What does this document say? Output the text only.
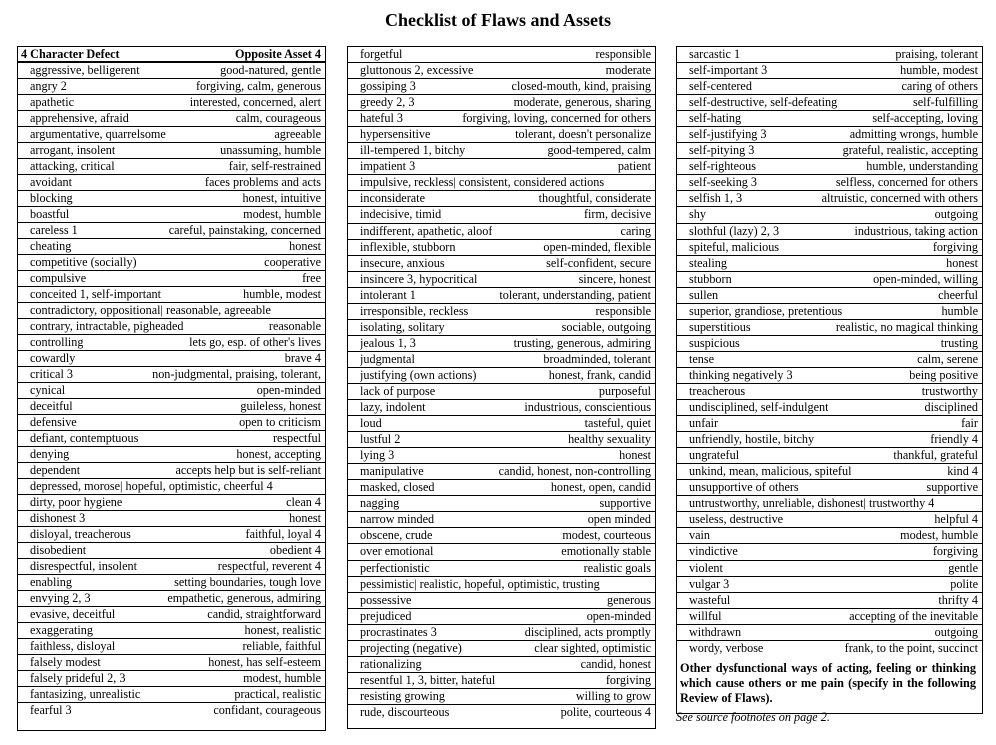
Checklist of Flaws and Assets
4 Character Defect	Opposite Asset 4
aggressive, belligerent	good-natured, gentle
angry 2	forgiving, calm, generous
apathetic	interested, concerned, alert
apprehensive, afraid	calm, courageous
argumentative, quarrelsome	agreeable
arrogant, insolent	unassuming, humble
attacking, critical	fair, self-restrained
avoidant	faces problems and acts
blocking	honest, intuitive
boastful	modest, humble
careless 1	careful, painstaking, concerned
cheating	honest
competitive (socially)	cooperative
compulsive	free
conceited 1, self-important	humble, modest
contradictory, oppositional| reasonable, agreeable
contrary, intractable, pigheaded	reasonable
controlling	lets go, esp. of other's lives
cowardly	brave 4
critical 3	non-judgmental, praising, tolerant,
cynical	open-minded
deceitful	guileless, honest
defensive	open to criticism
defiant, contemptuous	respectful
denying	honest, accepting
dependent	accepts help but is self-reliant
depressed, morose| hopeful, optimistic, cheerful 4
dirty, poor hygiene	clean 4
dishonest 3	honest
disloyal, treacherous	faithful, loyal 4
disobedient	obedient 4
disrespectful, insolent	respectful, reverent 4
enabling	setting boundaries, tough love
envying 2, 3	empathetic, generous, admiring
evasive, deceitful	candid, straightforward
exaggerating	honest, realistic
faithless, disloyal	reliable, faithful
falsely modest	honest, has self-esteem
falsely prideful 2, 3	modest, humble
fantasizing, unrealistic	practical, realistic
fearful 3	confidant, courageous
forgetful	responsible
gluttonous 2, excessive	moderate
gossiping 3	closed-mouth, kind, praising
greedy 2, 3	moderate, generous, sharing
hateful 3	forgiving, loving, concerned for others
hypersensitive	tolerant, doesn't personalize
ill-tempered 1, bitchy	good-tempered, calm
impatient 3	patient
impulsive, reckless| consistent, considered actions
inconsiderate	thoughtful, considerate
indecisive, timid	firm, decisive
indifferent, apathetic, aloof	caring
inflexible, stubborn	open-minded, flexible
insecure, anxious	self-confident, secure
insincere 3, hypocritical	sincere, honest
intolerant 1	tolerant, understanding, patient
irresponsible, reckless	responsible
isolating, solitary	sociable, outgoing
jealous 1, 3	trusting, generous, admiring
judgmental	broadminded, tolerant
justifying (own actions)	honest, frank, candid
lack of purpose	purposeful
lazy, indolent	industrious, conscientious
loud	tasteful, quiet
lustful 2	healthy sexuality
lying 3	honest
manipulative	candid, honest, non-controlling
masked, closed	honest, open, candid
nagging	supportive
narrow minded	open minded
obscene, crude	modest, courteous
over emotional	emotionally stable
perfectionistic	realistic goals
pessimistic| realistic, hopeful, optimistic, trusting
possessive	generous
prejudiced	open-minded
procrastinates 3	disciplined, acts promptly
projecting (negative)	clear sighted, optimistic
rationalizing	candid, honest
resentful 1, 3, bitter, hateful	forgiving
resisting growing	willing to grow
rude, discourteous	polite, courteous 4
sarcastic 1	praising, tolerant
self-important 3	humble, modest
self-centered	caring of others
self-destructive, self-defeating	self-fulfilling
self-hating	self-accepting, loving
self-justifying 3	admitting wrongs, humble
self-pitying 3	grateful, realistic, accepting
self-righteous	humble, understanding
self-seeking 3	selfless, concerned for others
selfish 1, 3	altruistic, concerned with others
shy	outgoing
slothful (lazy) 2, 3	industrious, taking action
spiteful, malicious	forgiving
stealing	honest
stubborn	open-minded, willing
sullen	cheerful
superior, grandiose, pretentious	humble
superstitious	realistic, no magical thinking
suspicious	trusting
tense	calm, serene
thinking negatively 3	being positive
treacherous	trustworthy
undisciplined, self-indulgent	disciplined
unfair	fair
unfriendly, hostile, bitchy	friendly 4
ungrateful	thankful, grateful
unkind, mean, malicious, spiteful	kind 4
unsupportive of others	supportive
untrustworthy, unreliable, dishonest| trustworthy 4
useless, destructive	helpful 4
vain	modest, humble
vindictive	forgiving
violent	gentle
vulgar 3	polite
wasteful	thrifty 4
willful	accepting of the inevitable
withdrawn	outgoing
wordy, verbose	frank, to the point, succinct
Other dysfunctional ways of acting, feeling or thinking which cause others or me pain (specify in the following Review of Flaws).
See source footnotes on page 2.
